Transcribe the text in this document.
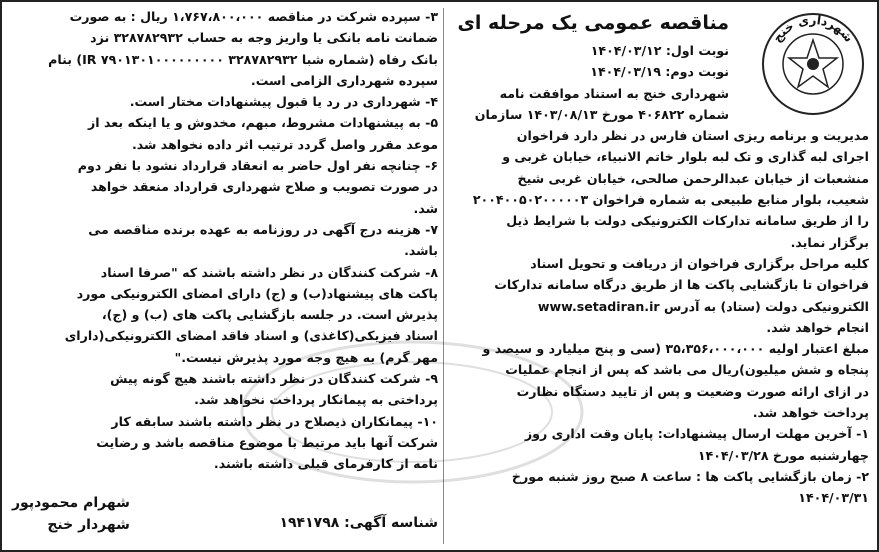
شهرداری خنج
مناقصه عمومی یک مرحله ای
نوبت اول: ۱۴۰۴/۰۳/۱۲
نوبت دوم: ۱۴۰۴/۰۳/۱۹
شهرداری خنج به استناد موافقت نامه
شماره ۴۰۶۸۲۲ مورخ ۱۴۰۳/۰۸/۱۳ سازمان
مدیریت و برنامه ریزی استان فارس در نظر دارد فراخوان
اجرای لبه گذاری و تک لبه بلوار خاتم الانبیاء، خیابان غربی و
منشعبات از خیابان عبدالرحمن صالحی، خیابان غربی شیخ
شعیب، بلوار منابع طبیعی به شماره فراخوان ۲۰۰۴۰۰۵۰۲۰۰۰۰۰۳
را از طریق سامانه تدارکات الکترونیکی دولت با شرایط ذیل
برگزار نماید.
کلیه مراحل برگزاری فراخوان از دریافت و تحویل اسناد
فراخوان تا بازگشایی پاکت ها از طریق درگاه سامانه تدارکات
الکترونیکی دولت (ستاد) به آدرس www.setadiran.ir
انجام خواهد شد.
مبلغ اعتبار اولیه ۳۵،۳۵۶،۰۰۰،۰۰۰ (سی و پنج میلیارد و سیصد و
پنجاه و شش میلیون)ریال می باشد که پس از انجام عملیات
در ازای ارائه صورت وضعیت و پس از تایید دستگاه نظارت
پرداخت خواهد شد.
۱- آخرین مهلت ارسال پیشنهادات: پایان وقت اداری روز
چهارشنبه مورخ ۱۴۰۴/۰۳/۲۸
۲- زمان بازگشایی پاکت ها : ساعت ۸ صبح روز شنبه مورخ
۱۴۰۴/۰۳/۳۱
۳- سپرده شرکت در مناقصه ۱،۷۶۷،۸۰۰،۰۰۰ ریال : به صورت
ضمانت نامه بانکی یا واریز وجه به حساب ۳۲۸۷۸۲۹۳۲ نزد
بانک رفاه (شماره شبا ۳۲۸۷۸۲۹۳۲ IR ۷۹۰۱۳۰۱۰۰۰۰۰۰۰۰۰) بنام
سپرده شهرداری الزامی است.
۴- شهرداری در رد یا قبول پیشنهادات مختار است.
۵- به پیشنهادات مشروط، مبهم، مخدوش و یا اینکه بعد از
موعد مقرر واصل گردد ترتیب اثر داده نخواهد شد.
۶- چنانچه نفر اول حاضر به انعقاد قرارداد نشود با نفر دوم
در صورت تصویب و صلاح شهرداری قرارداد منعقد خواهد
شد.
۷- هزینه درج آگهی در روزنامه به عهده برنده مناقصه می
باشد.
۸- شرکت کنندگان در نظر داشته باشند که "صرفا اسناد
پاکت های پیشنهاد(ب) و (ج) دارای امضای الکترونیکی مورد
پذیرش است. در جلسه بازگشایی پاکت های (ب) و (ج)،
اسناد فیزیکی(کاغذی) و اسناد فاقد امضای الکترونیکی(دارای
مهر گرم) به هیچ وجه مورد پذیرش نیست."
۹- شرکت کنندگان در نظر داشته باشند هیچ گونه پیش
پرداختی به پیمانکار پرداخت نخواهد شد.
۱۰- پیمانکاران ذیصلاح در نظر داشته باشند سابقه کار
شرکت آنها باید مرتبط با موضوع مناقصه باشد و رضایت
نامه از کارفرمای قبلی داشته باشند.
شناسه آگهی: ۱۹۴۱۷۹۸
شهرام محمودپور
شهردار خنج
